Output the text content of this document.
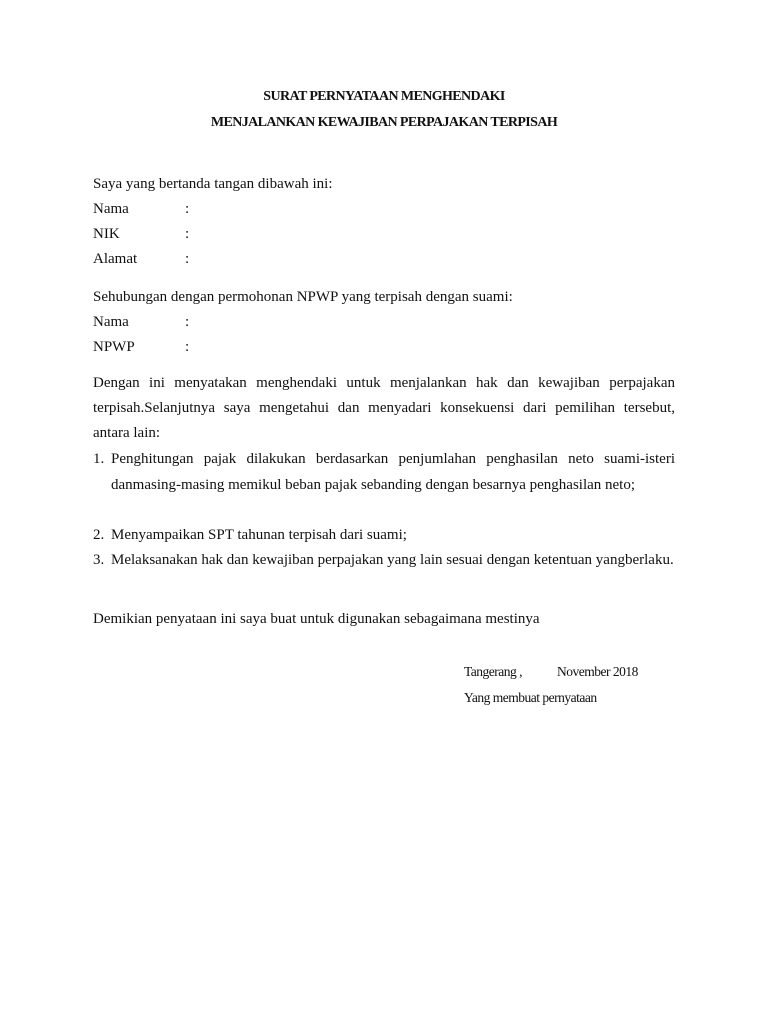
SURAT PERNYATAAN MENGHENDAKI
MENJALANKAN KEWAJIBAN PERPAJAKAN TERPISAH
Saya yang bertanda tangan dibawah ini:
Nama	:
NIK	:
Alamat	:
Sehubungan dengan permohonan NPWP yang terpisah dengan suami:
Nama	:
NPWP	:
Dengan ini menyatakan menghendaki untuk menjalankan hak dan kewajiban perpajakan terpisah.Selanjutnya saya mengetahui dan menyadari konsekuensi dari pemilihan tersebut, antara lain:
1. Penghitungan pajak dilakukan berdasarkan penjumlahan penghasilan neto suami-isteri danmasing-masing memikul beban pajak sebanding dengan besarnya penghasilan neto;
2. Menyampaikan SPT tahunan terpisah dari suami;
3. Melaksanakan hak dan kewajiban perpajakan yang lain sesuai dengan ketentuan yangberlaku.
Demikian penyataan ini saya buat untuk digunakan sebagaimana mestinya
Tangerang ,	November 2018
Yang membuat pernyataan
